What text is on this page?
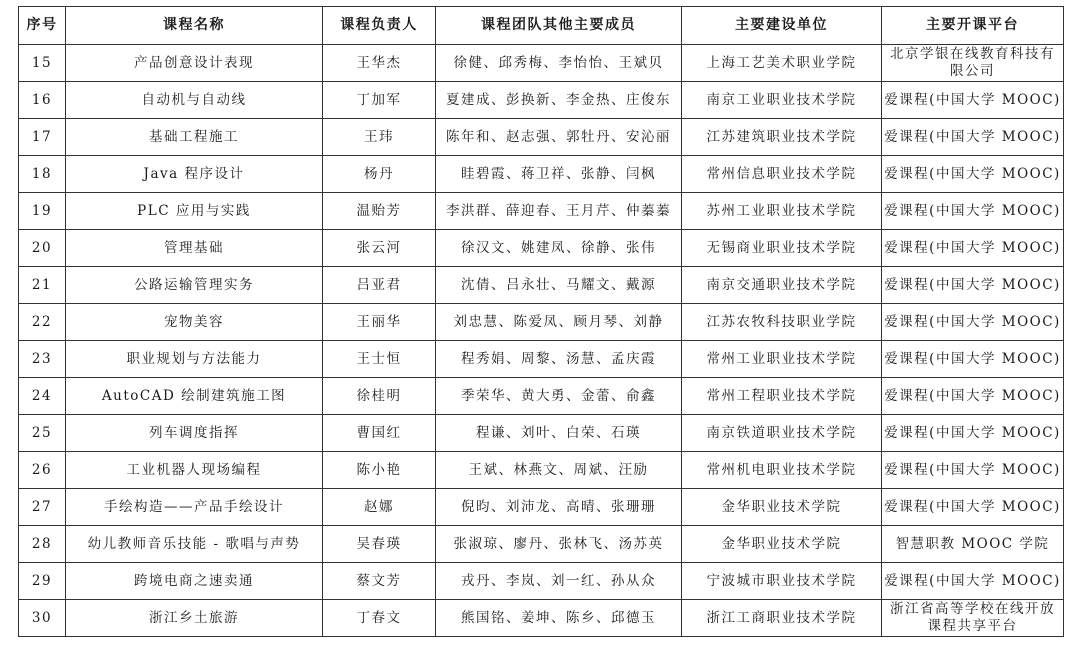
序号	课程名称	课程负责人	课程团队其他主要成员	主要建设单位	主要开课平台
15	产品创意设计表现	王华杰	徐健、邱秀梅、李怡怡、王斌贝	上海工艺美术职业学院	北京学银在线教育科技有限公司
16	自动机与自动线	丁加军	夏建成、彭换新、李金热、庄俊东	南京工业职业技术学院	爱课程(中国大学 MOOC)
17	基础工程施工	王玮	陈年和、赵志强、郭牡丹、安沁丽	江苏建筑职业技术学院	爱课程(中国大学 MOOC)
18	Java 程序设计	杨丹	眭碧霞、蒋卫祥、张静、闫枫	常州信息职业技术学院	爱课程(中国大学 MOOC)
19	PLC 应用与实践	温贻芳	李洪群、薛迎春、王月芹、仲蓁蓁	苏州工业职业技术学院	爱课程(中国大学 MOOC)
20	管理基础	张云河	徐汉文、姚建凤、徐静、张伟	无锡商业职业技术学院	爱课程(中国大学 MOOC)
21	公路运输管理实务	吕亚君	沈倩、吕永壮、马耀文、戴源	南京交通职业技术学院	爱课程(中国大学 MOOC)
22	宠物美容	王丽华	刘忠慧、陈爱凤、顾月琴、刘静	江苏农牧科技职业学院	爱课程(中国大学 MOOC)
23	职业规划与方法能力	王士恒	程秀娟、周黎、汤慧、孟庆霞	常州工业职业技术学院	爱课程(中国大学 MOOC)
24	AutoCAD 绘制建筑施工图	徐桂明	季荣华、黄大勇、金蕾、俞鑫	常州工程职业技术学院	爱课程(中国大学 MOOC)
25	列车调度指挥	曹国红	程谦、刘叶、白荣、石瑛	南京铁道职业技术学院	爱课程(中国大学 MOOC)
26	工业机器人现场编程	陈小艳	王斌、林燕文、周斌、汪励	常州机电职业技术学院	爱课程(中国大学 MOOC)
27	手绘构造——产品手绘设计	赵娜	倪昀、刘沛龙、高晴、张珊珊	金华职业技术学院	爱课程(中国大学 MOOC)
28	幼儿教师音乐技能 - 歌唱与声势	吴春瑛	张淑琼、廖丹、张林飞、汤苏英	金华职业技术学院	智慧职教 MOOC 学院
29	跨境电商之速卖通	蔡文芳	戎丹、李岚、刘一红、孙从众	宁波城市职业技术学院	爱课程(中国大学 MOOC)
30	浙江乡土旅游	丁春文	熊国铭、姜坤、陈乡、邱德玉	浙江工商职业技术学院	浙江省高等学校在线开放课程共享平台
